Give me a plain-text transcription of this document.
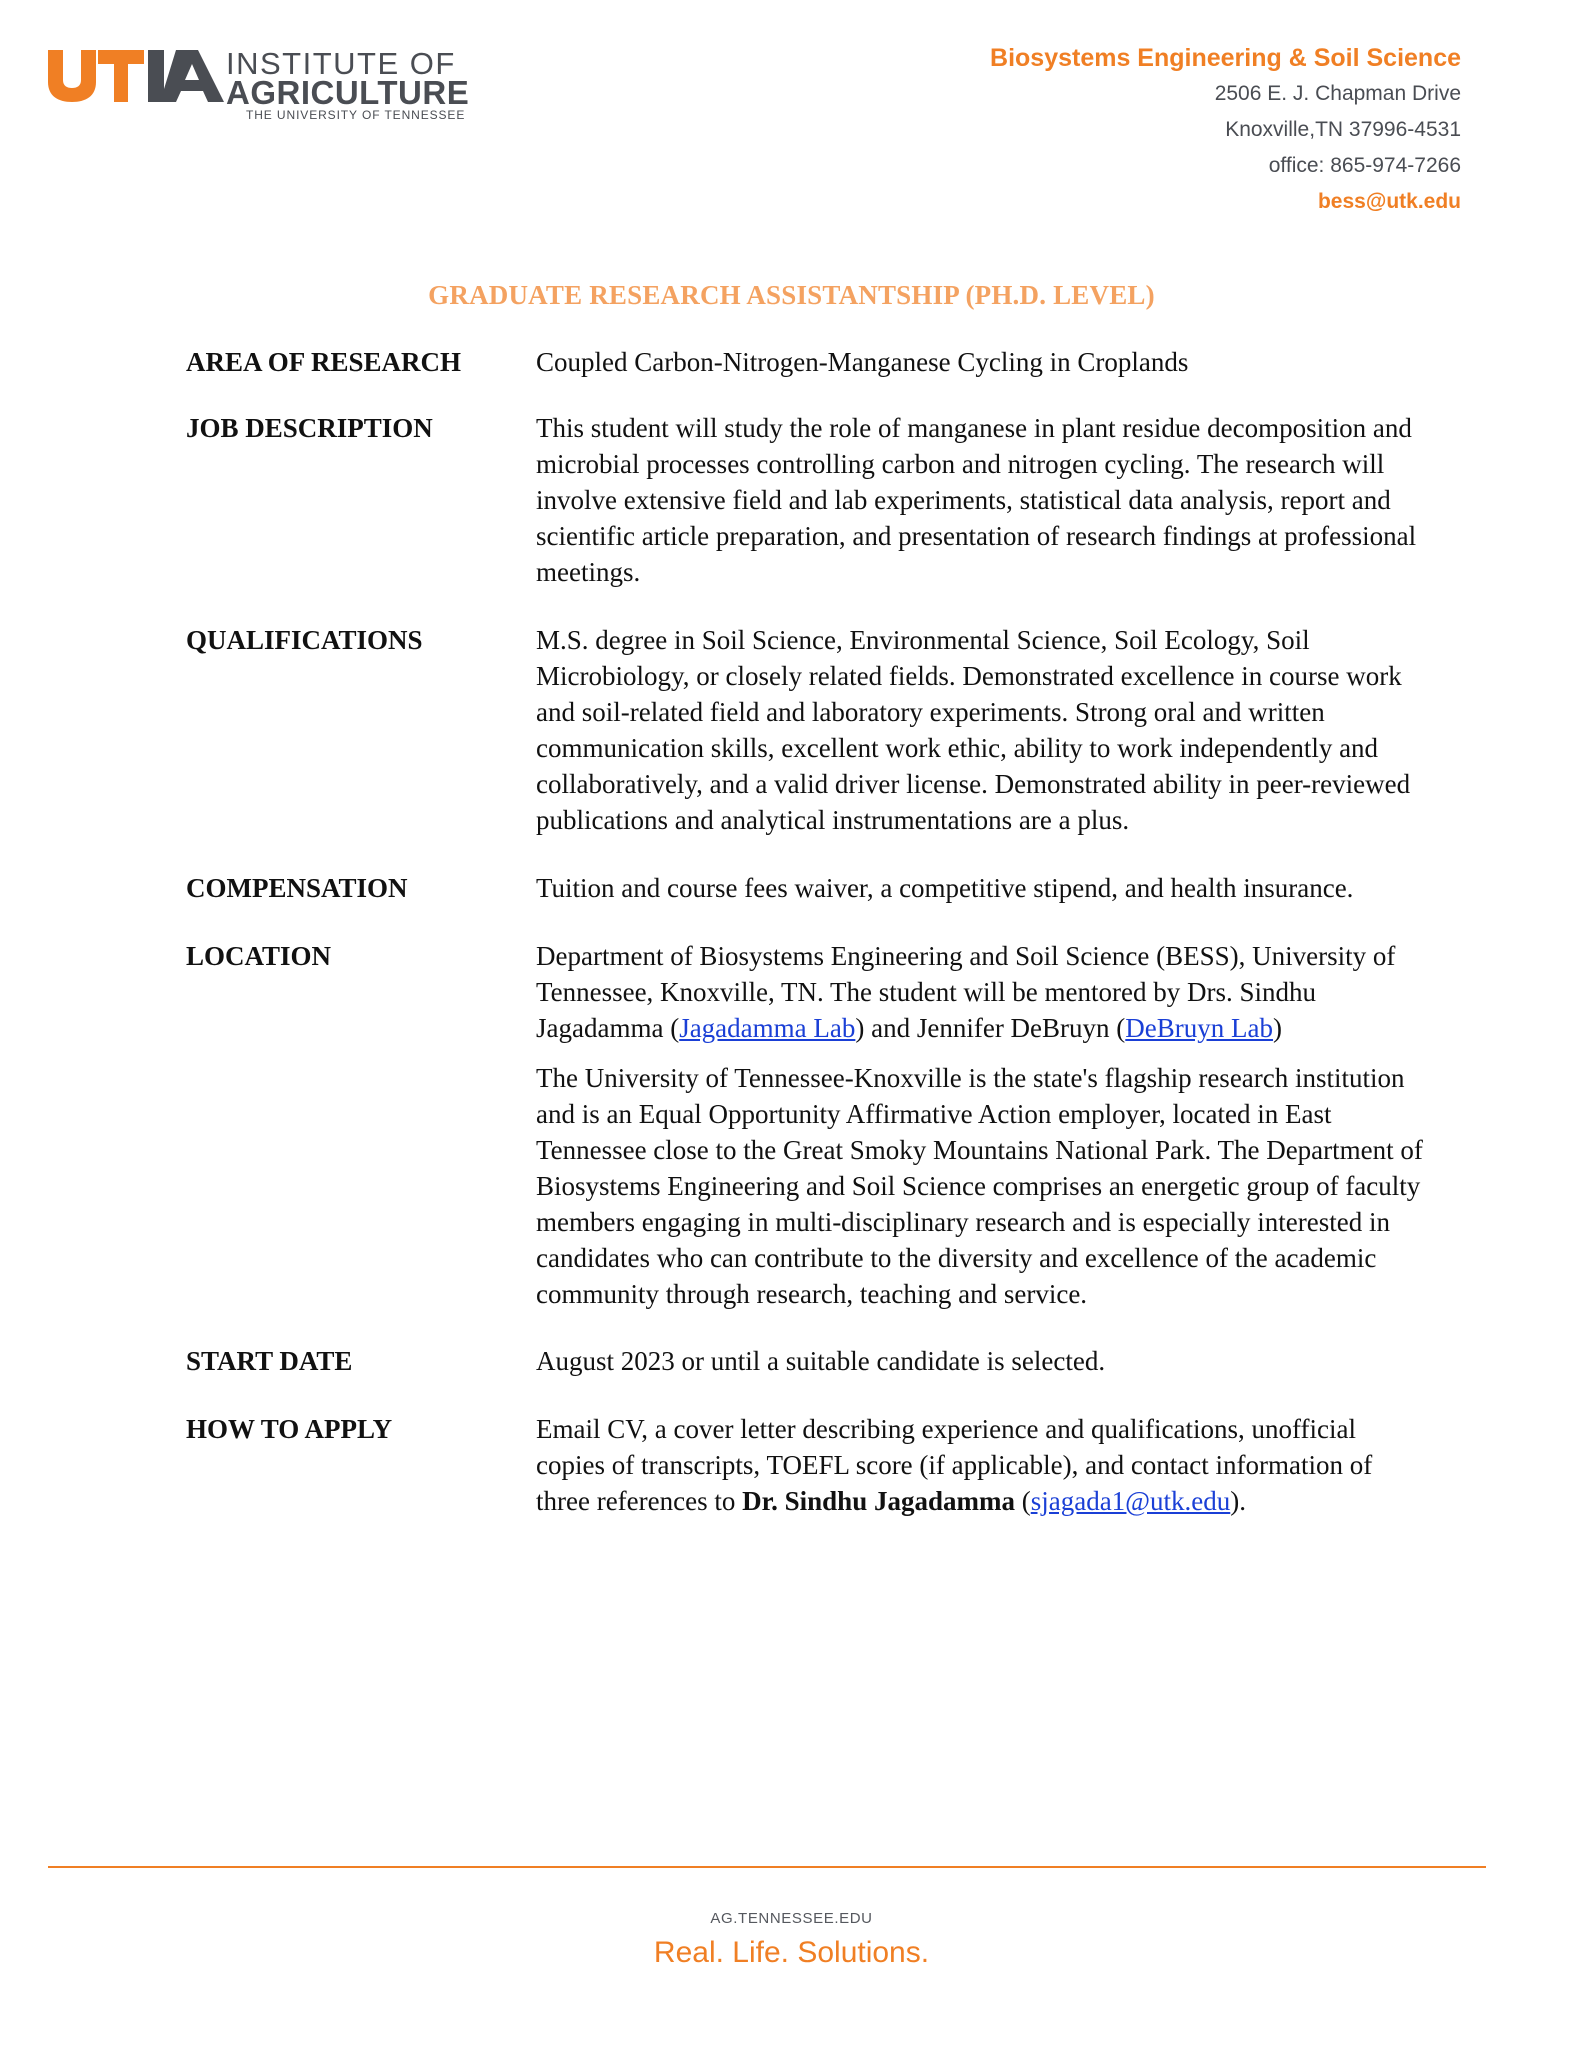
INSTITUTE OF
AGRICULTURE
THE UNIVERSITY OF TENNESSEE
Biosystems Engineering & Soil Science
2506 E. J. Chapman Drive
Knoxville,TN 37996-4531
office: 865-974-7266
bess@utk.edu
GRADUATE RESEARCH ASSISTANTSHIP (PH.D. LEVEL)
AREA OF RESEARCH	Coupled Carbon-Nitrogen-Manganese Cycling in Croplands
JOB DESCRIPTION	This student will study the role of manganese in plant residue decomposition and microbial processes controlling carbon and nitrogen cycling. The research will involve extensive field and lab experiments, statistical data analysis, report and scientific article preparation, and presentation of research findings at professional meetings.
QUALIFICATIONS	M.S. degree in Soil Science, Environmental Science, Soil Ecology, Soil Microbiology, or closely related fields. Demonstrated excellence in course work and soil-related field and laboratory experiments. Strong oral and written communication skills, excellent work ethic, ability to work independently and collaboratively, and a valid driver license. Demonstrated ability in peer-reviewed publications and analytical instrumentations are a plus.
COMPENSATION	Tuition and course fees waiver, a competitive stipend, and health insurance.
LOCATION	Department of Biosystems Engineering and Soil Science (BESS), University of Tennessee, Knoxville, TN. The student will be mentored by Drs. Sindhu Jagadamma (Jagadamma Lab) and Jennifer DeBruyn (DeBruyn Lab)

The University of Tennessee-Knoxville is the state's flagship research institution and is an Equal Opportunity Affirmative Action employer, located in East Tennessee close to the Great Smoky Mountains National Park. The Department of Biosystems Engineering and Soil Science comprises an energetic group of faculty members engaging in multi-disciplinary research and is especially interested in candidates who can contribute to the diversity and excellence of the academic community through research, teaching and service.

START DATE	August 2023 or until a suitable candidate is selected.
HOW TO APPLY	Email CV, a cover letter describing experience and qualifications, unofficial copies of transcripts, TOEFL score (if applicable), and contact information of three references to Dr. Sindhu Jagadamma (sjagada1@utk.edu).
AG.TENNESSEE.EDU
Real. Life. Solutions.
